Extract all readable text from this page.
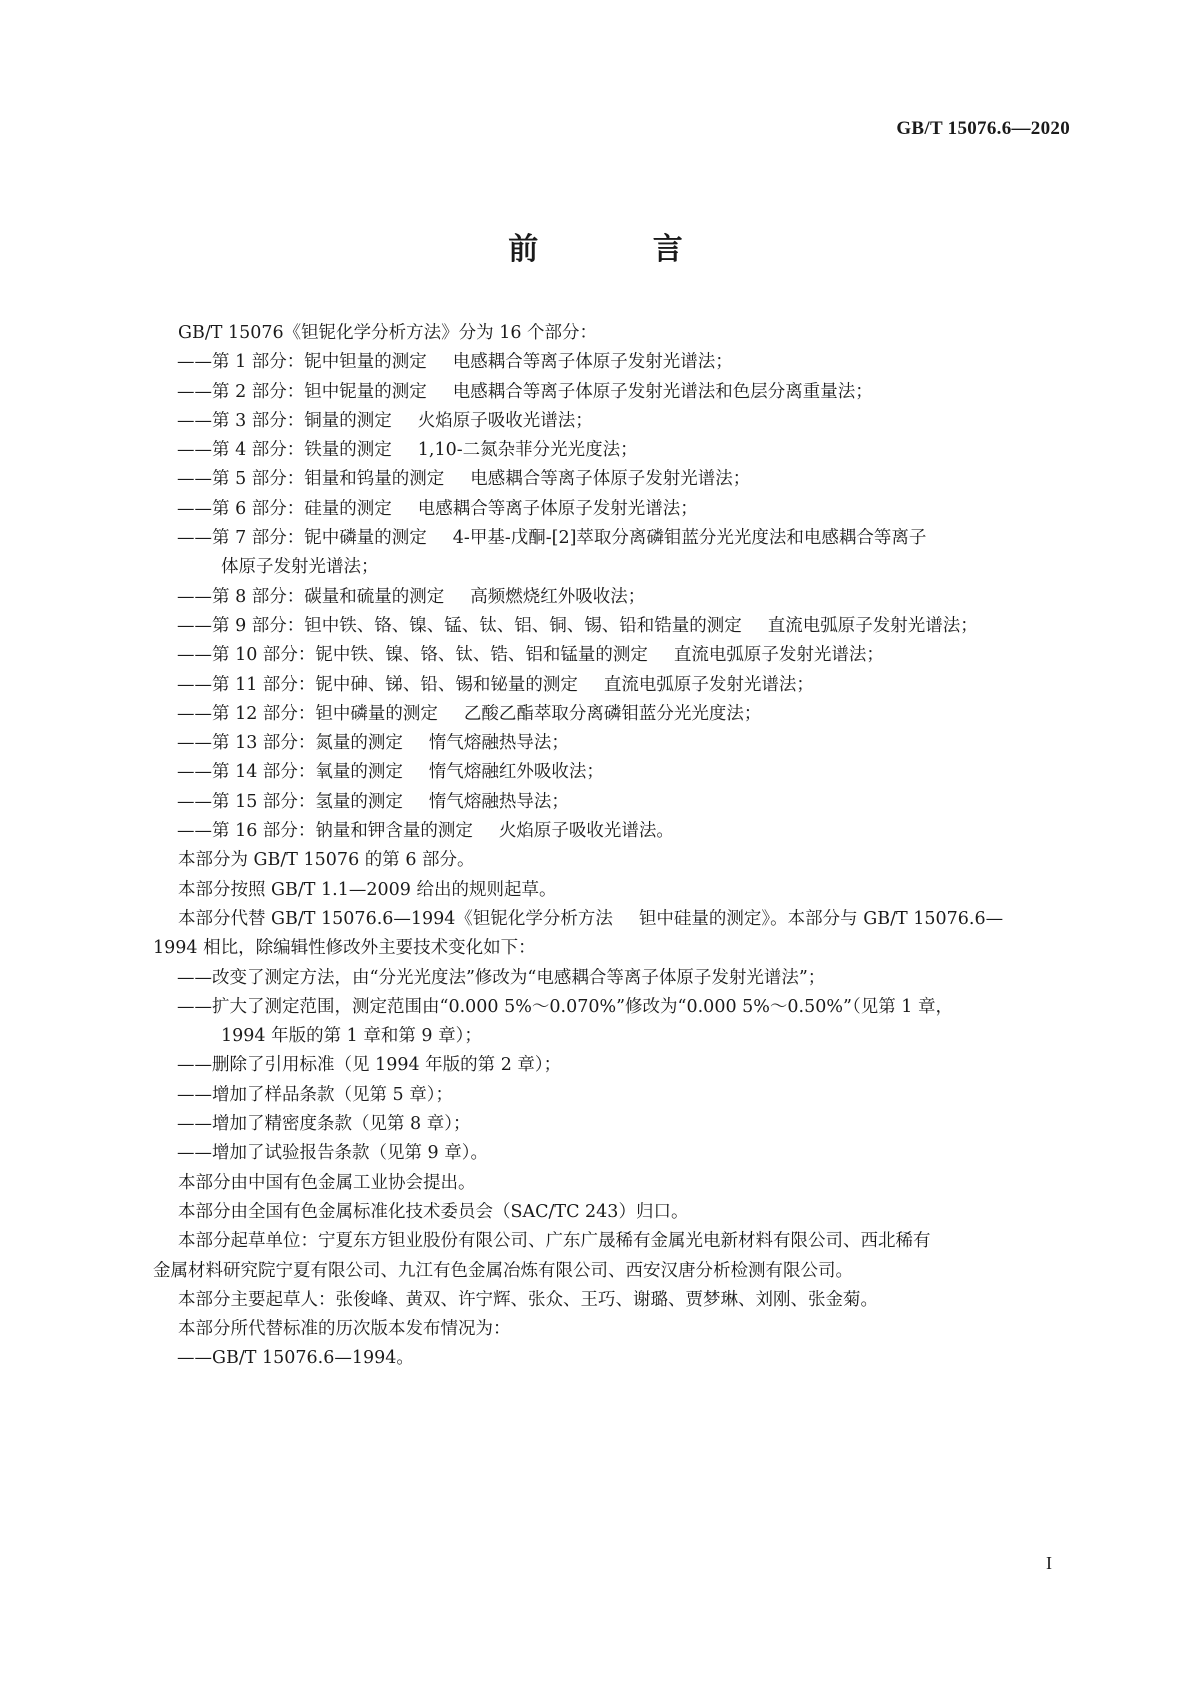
GB/T 15076.6—2020
前 言
GB/T 15076《钽铌化学分析方法》分为 16 个部分：
——第 1 部分：铌中钽量的测定 电感耦合等离子体原子发射光谱法；
——第 2 部分：钽中铌量的测定 电感耦合等离子体原子发射光谱法和色层分离重量法；
——第 3 部分：铜量的测定 火焰原子吸收光谱法；
——第 4 部分：铁量的测定 1,10-二氮杂菲分光光度法；
——第 5 部分：钼量和钨量的测定 电感耦合等离子体原子发射光谱法；
——第 6 部分：硅量的测定 电感耦合等离子体原子发射光谱法；
——第 7 部分：铌中磷量的测定 4-甲基-戊酮-[2]萃取分离磷钼蓝分光光度法和电感耦合等离子
体原子发射光谱法；
——第 8 部分：碳量和硫量的测定 高频燃烧红外吸收法；
——第 9 部分：钽中铁、铬、镍、锰、钛、铝、铜、锡、铅和锆量的测定 直流电弧原子发射光谱法；
——第 10 部分：铌中铁、镍、铬、钛、锆、铝和锰量的测定 直流电弧原子发射光谱法；
——第 11 部分：铌中砷、锑、铅、锡和铋量的测定 直流电弧原子发射光谱法；
——第 12 部分：钽中磷量的测定 乙酸乙酯萃取分离磷钼蓝分光光度法；
——第 13 部分：氮量的测定 惰气熔融热导法；
——第 14 部分：氧量的测定 惰气熔融红外吸收法；
——第 15 部分：氢量的测定 惰气熔融热导法；
——第 16 部分：钠量和钾含量的测定 火焰原子吸收光谱法。
本部分为 GB/T 15076 的第 6 部分。
本部分按照 GB/T 1.1—2009 给出的规则起草。
本部分代替 GB/T 15076.6—1994《钽铌化学分析方法 钽中硅量的测定》。本部分与 GB/T 15076.6—
1994 相比，除编辑性修改外主要技术变化如下：
——改变了测定方法，由“分光光度法”修改为“电感耦合等离子体原子发射光谱法”；
——扩大了测定范围，测定范围由“0.000 5%～0.070%”修改为“0.000 5%～0.50%”（见第 1 章，
1994 年版的第 1 章和第 9 章）；
——删除了引用标准（见 1994 年版的第 2 章）；
——增加了样品条款（见第 5 章）；
——增加了精密度条款（见第 8 章）；
——增加了试验报告条款（见第 9 章）。
本部分由中国有色金属工业协会提出。
本部分由全国有色金属标准化技术委员会（SAC/TC 243）归口。
本部分起草单位：宁夏东方钽业股份有限公司、广东广晟稀有金属光电新材料有限公司、西北稀有
金属材料研究院宁夏有限公司、九江有色金属冶炼有限公司、西安汉唐分析检测有限公司。
本部分主要起草人：张俊峰、黄双、许宁辉、张众、王巧、谢璐、贾梦琳、刘刚、张金菊。
本部分所代替标准的历次版本发布情况为：
——GB/T 15076.6—1994。
I
